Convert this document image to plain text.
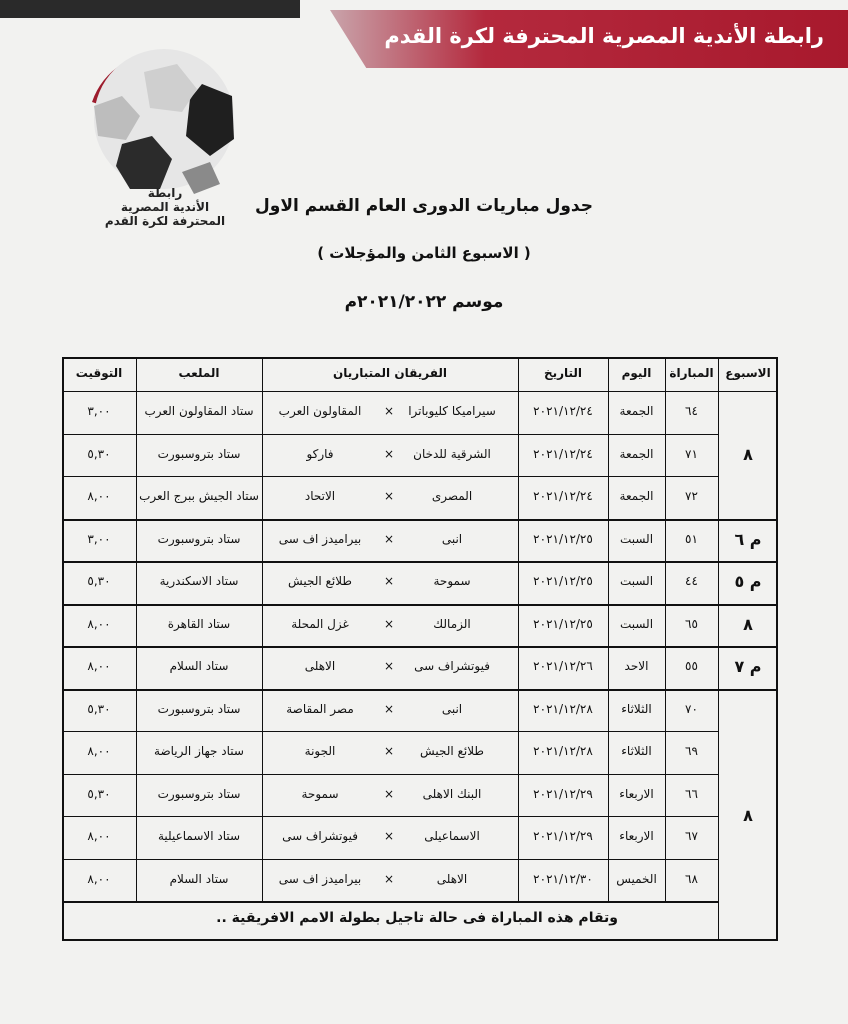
رابطة الأندية المصرية المحترفة لكرة القدم
رابطة
الأندية المصرية
المحترفة لكرة القدم
جدول مباريات الدورى العام القسم الاول
( الاسبوع الثامن والمؤجلات )
موسم ٢٠٢١/٢٠٢٢م
الاسبوع
المباراة
اليوم
التاريخ
الفريقان المتباريان
الملعب
التوقيت
٦٤
الجمعة
٢٠٢١/١٢/٢٤
سيراميكا كليوباترا
×
المقاولون العرب
ستاد المقاولون العرب
٣,٠٠
٧١
الجمعة
٢٠٢١/١٢/٢٤
الشرقية للدخان
×
فاركو
ستاد بتروسبورت
٥,٣٠
٧٢
الجمعة
٢٠٢١/١٢/٢٤
المصرى
×
الاتحاد
ستاد الجيش ببرج العرب
٨,٠٠
٥١
السبت
٢٠٢١/١٢/٢٥
انبى
×
بيراميدز اف سى
ستاد بتروسبورت
٣,٠٠
٤٤
السبت
٢٠٢١/١٢/٢٥
سموحة
×
طلائع الجيش
ستاد الاسكندرية
٥,٣٠
٦٥
السبت
٢٠٢١/١٢/٢٥
الزمالك
×
غزل المحلة
ستاد القاهرة
٨,٠٠
٥٥
الاحد
٢٠٢١/١٢/٢٦
فيوتشراف سى
×
الاهلى
ستاد السلام
٨,٠٠
٧٠
الثلاثاء
٢٠٢١/١٢/٢٨
انبى
×
مصر المقاصة
ستاد بتروسبورت
٥,٣٠
٦٩
الثلاثاء
٢٠٢١/١٢/٢٨
طلائع الجيش
×
الجونة
ستاد جهاز الرياضة
٨,٠٠
٦٦
الاربعاء
٢٠٢١/١٢/٢٩
البنك الاهلى
×
سموحة
ستاد بتروسبورت
٥,٣٠
٦٧
الاربعاء
٢٠٢١/١٢/٢٩
الاسماعيلى
×
فيوتشراف سى
ستاد الاسماعيلية
٨,٠٠
٦٨
الخميس
٢٠٢١/١٢/٣٠
الاهلى
×
بيراميدز اف سى
ستاد السلام
٨,٠٠
٨
م ٦
م ٥
٨
م ٧
٨
وتقام هذه المباراة فى حالة تاجيل بطولة الامم الافريقية ..
